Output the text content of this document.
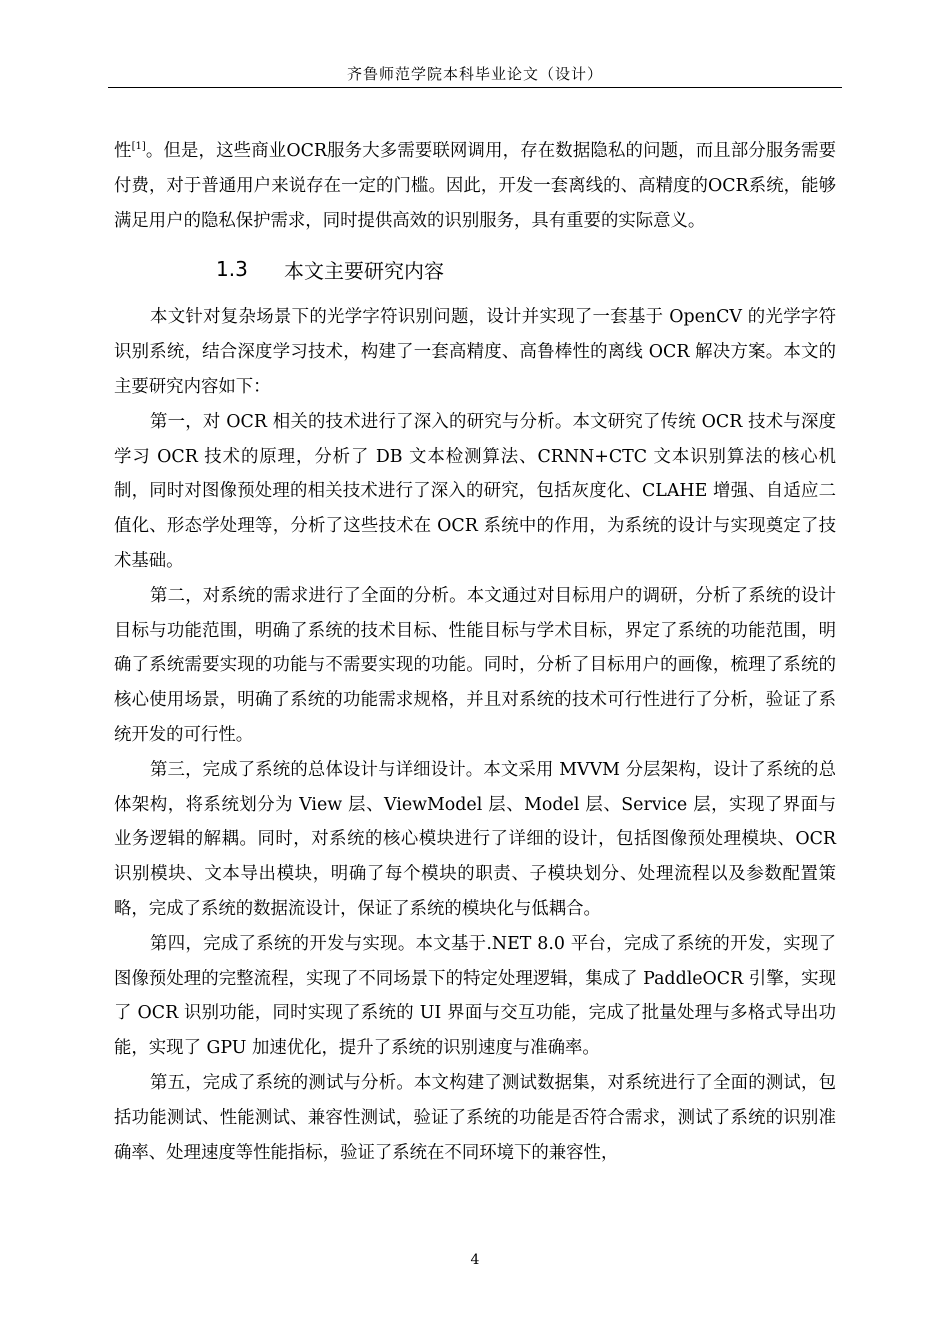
齐鲁师范学院本科毕业论文（设计）

性[1]。但是，这些商业OCR服务大多需要联网调用，存在数据隐私的问题，而且部分服务需要付费，对于普通用户来说存在一定的门槛。因此，开发一套离线的、高精度的OCR系统，能够满足用户的隐私保护需求，同时提供高效的识别服务，具有重要的实际意义。

1.3	本文主要研究内容

本文针对复杂场景下的光学字符识别问题，设计并实现了一套基于 OpenCV 的光学字符识别系统，结合深度学习技术，构建了一套高精度、高鲁棒性的离线 OCR 解决方案。本文的主要研究内容如下：

第一，对 OCR 相关的技术进行了深入的研究与分析。本文研究了传统 OCR 技术与深度学习 OCR 技术的原理，分析了 DB 文本检测算法、CRNN+CTC 文本识别算法的核心机制，同时对图像预处理的相关技术进行了深入的研究，包括灰度化、CLAHE 增强、自适应二值化、形态学处理等，分析了这些技术在 OCR 系统中的作用，为系统的设计与实现奠定了技术基础。

第二，对系统的需求进行了全面的分析。本文通过对目标用户的调研，分析了系统的设计目标与功能范围，明确了系统的技术目标、性能目标与学术目标，界定了系统的功能范围，明确了系统需要实现的功能与不需要实现的功能。同时，分析了目标用户的画像，梳理了系统的核心使用场景，明确了系统的功能需求规格，并且对系统的技术可行性进行了分析，验证了系统开发的可行性。

第三，完成了系统的总体设计与详细设计。本文采用 MVVM 分层架构，设计了系统的总体架构，将系统划分为 View 层、ViewModel 层、Model 层、Service 层，实现了界面与业务逻辑的解耦。同时，对系统的核心模块进行了详细的设计，包括图像预处理模块、OCR 识别模块、文本导出模块，明确了每个模块的职责、子模块划分、处理流程以及参数配置策略，完成了系统的数据流设计，保证了系统的模块化与低耦合。

第四，完成了系统的开发与实现。本文基于.NET 8.0 平台，完成了系统的开发，实现了图像预处理的完整流程，实现了不同场景下的特定处理逻辑，集成了 PaddleOCR 引擎，实现了 OCR 识别功能，同时实现了系统的 UI 界面与交互功能，完成了批量处理与多格式导出功能，实现了 GPU 加速优化，提升了系统的识别速度与准确率。

第五，完成了系统的测试与分析。本文构建了测试数据集，对系统进行了全面的测试，包括功能测试、性能测试、兼容性测试，验证了系统的功能是否符合需求，测试了系统的识别准确率、处理速度等性能指标，验证了系统在不同环境下的兼容性，

4
